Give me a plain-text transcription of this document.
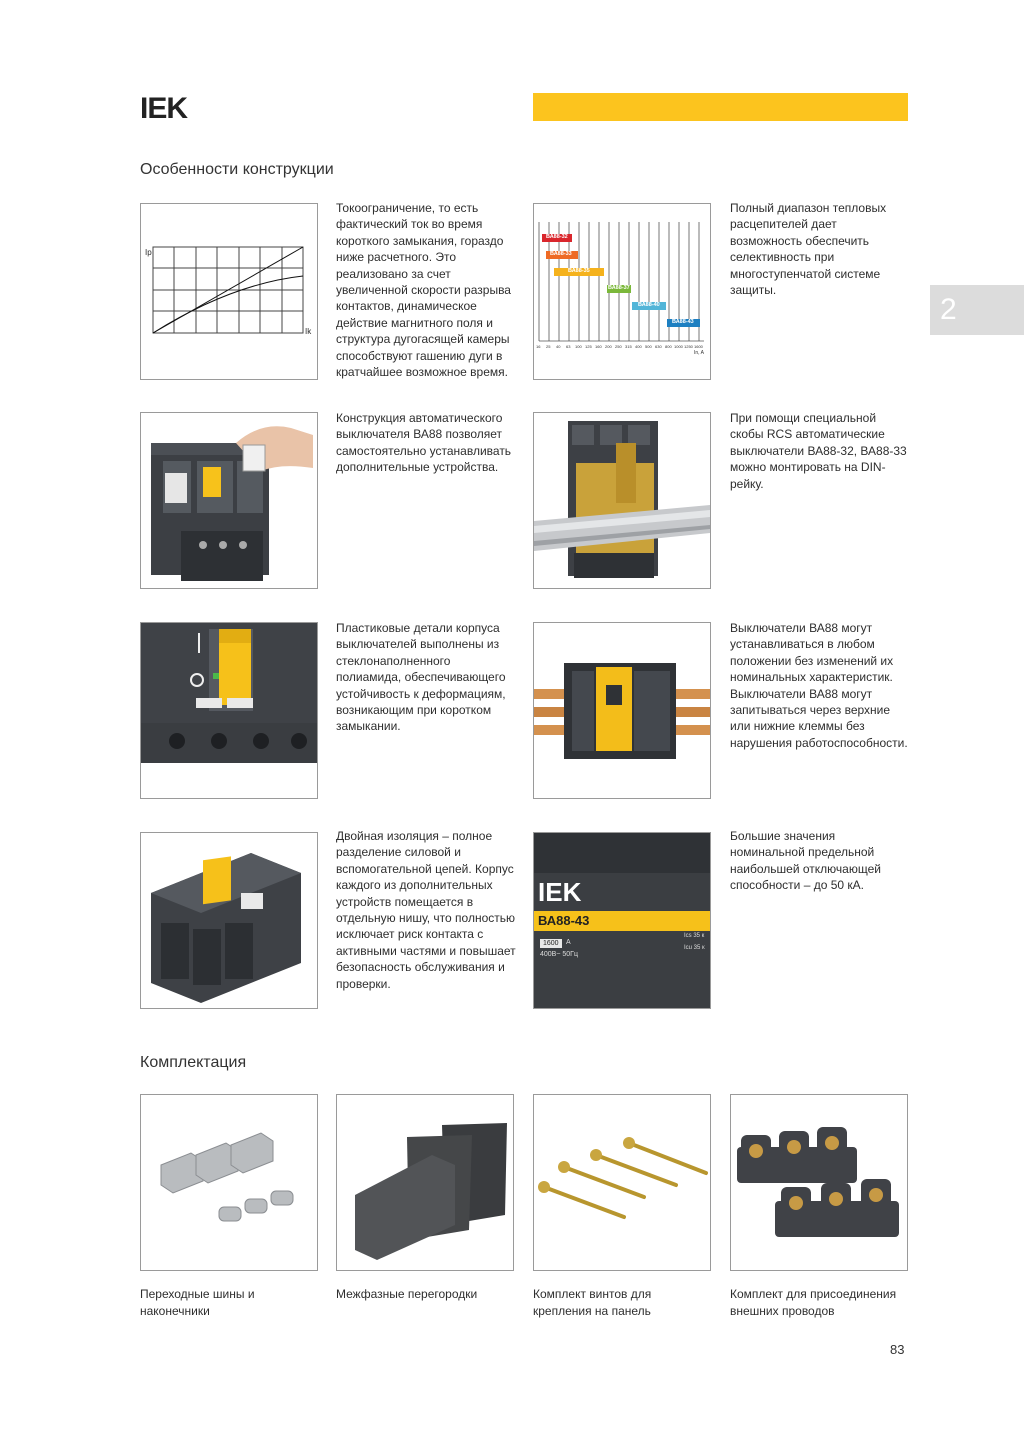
IEK
2
Особенности конструкции
Ip
Ik
Токоограничение, то есть фактический ток во время короткого замыкания, гораздо ниже расчетного. Это реализовано за счет увеличенной скорости разрыва контактов, динамическое действие магнитного поля и структура дугогасящей камеры способствуют гашению дуги в кратчайшее возможное время.
ВА88-32
ВА88-33
ВА88-35
ВА88-37
ВА88-40
ВА88-43
16 25 40 63 100 125 160 200 250 315 400 500 630 800 1000 1250 1600
In, A
Полный диапазон тепловых расцепителей дает возможность обеспечить селективность при многоступенчатой системе защиты.
Конструкция автоматического выключателя ВА88 позволяет самостоятельно устанавливать дополнительные устройства.
При помощи специальной скобы RCS автоматические выключатели ВА88-32, ВА88-33 можно монтировать на DIN-рейку.
Пластиковые детали корпуса выключателей выполнены из стеклонаполненного полиамида, обеспечивающего устойчивость к деформациям, возникающим при коротком замыкании.
Выключатели ВА88 могут устанавливаться в любом положении без изменений их номинальных характеристик. Выключатели ВА88 могут запитываться через верхние или нижние клеммы без нарушения работоспособности.
Двойная изоляция – полное разделение силовой и вспомогательной цепей. Корпус каждого из дополнительных устройств помещается в отдельную нишу, что полностью исключает риск контакта с активными частями и повышает безопасность обслуживания и проверки.
IEK
ВА88-43
1600	А
400В~ 50Гц
Ics 35 к
Icu 35 к
Большие значения номинальной предельной наибольшей отключающей способности – до 50 кА.
Комплектация
Переходные шины и наконечники
Межфазные перегородки	Комплект винтов для крепления на панель
Комплект для присоединения внешних проводов
83
